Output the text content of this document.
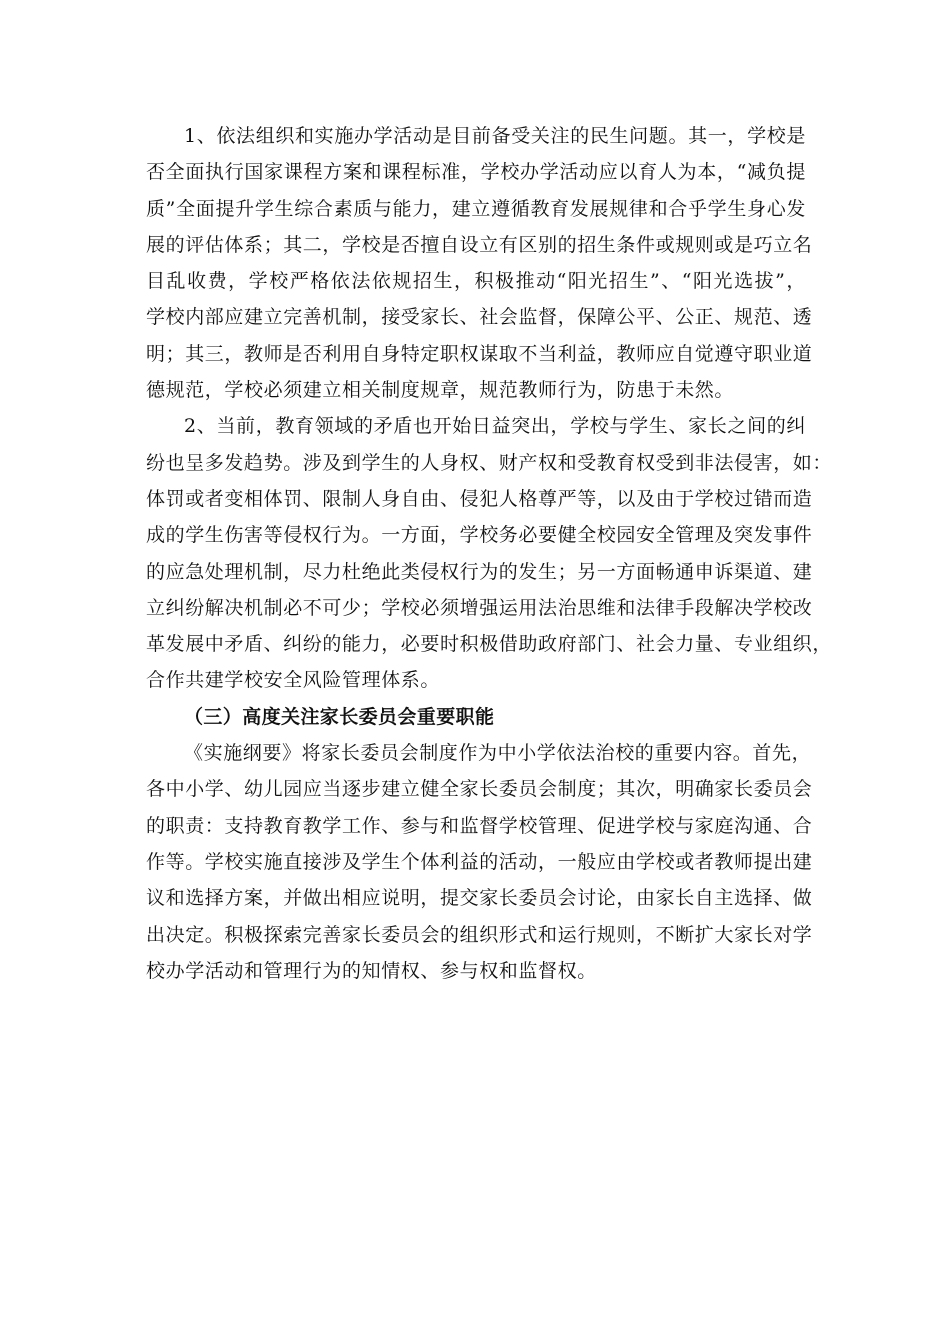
1、依法组织和实施办学活动是目前备受关注的民生问题。其一，学校是
否全面执行国家课程方案和课程标准，学校办学活动应以育人为本，“减负提
质”全面提升学生综合素质与能力，建立遵循教育发展规律和合乎学生身心发
展的评估体系；其二，学校是否擅自设立有区别的招生条件或规则或是巧立名
目乱收费，学校严格依法依规招生，积极推动“阳光招生”、“阳光选拔”，
学校内部应建立完善机制，接受家长、社会监督，保障公平、公正、规范、透
明；其三，教师是否利用自身特定职权谋取不当利益，教师应自觉遵守职业道
德规范，学校必须建立相关制度规章，规范教师行为，防患于未然。
2、当前，教育领域的矛盾也开始日益突出，学校与学生、家长之间的纠
纷也呈多发趋势。涉及到学生的人身权、财产权和受教育权受到非法侵害，如：
体罚或者变相体罚、限制人身自由、侵犯人格尊严等，以及由于学校过错而造
成的学生伤害等侵权行为。一方面，学校务必要健全校园安全管理及突发事件
的应急处理机制，尽力杜绝此类侵权行为的发生；另一方面畅通申诉渠道、建
立纠纷解决机制必不可少；学校必须增强运用法治思维和法律手段解决学校改
革发展中矛盾、纠纷的能力，必要时积极借助政府部门、社会力量、专业组织，
合作共建学校安全风险管理体系。
（三）高度关注家长委员会重要职能
《实施纲要》将家长委员会制度作为中小学依法治校的重要内容。首先，
各中小学、幼儿园应当逐步建立健全家长委员会制度；其次，明确家长委员会
的职责：支持教育教学工作、参与和监督学校管理、促进学校与家庭沟通、合
作等。学校实施直接涉及学生个体利益的活动，一般应由学校或者教师提出建
议和选择方案，并做出相应说明，提交家长委员会讨论，由家长自主选择、做
出决定。积极探索完善家长委员会的组织形式和运行规则，不断扩大家长对学
校办学活动和管理行为的知情权、参与权和监督权。
